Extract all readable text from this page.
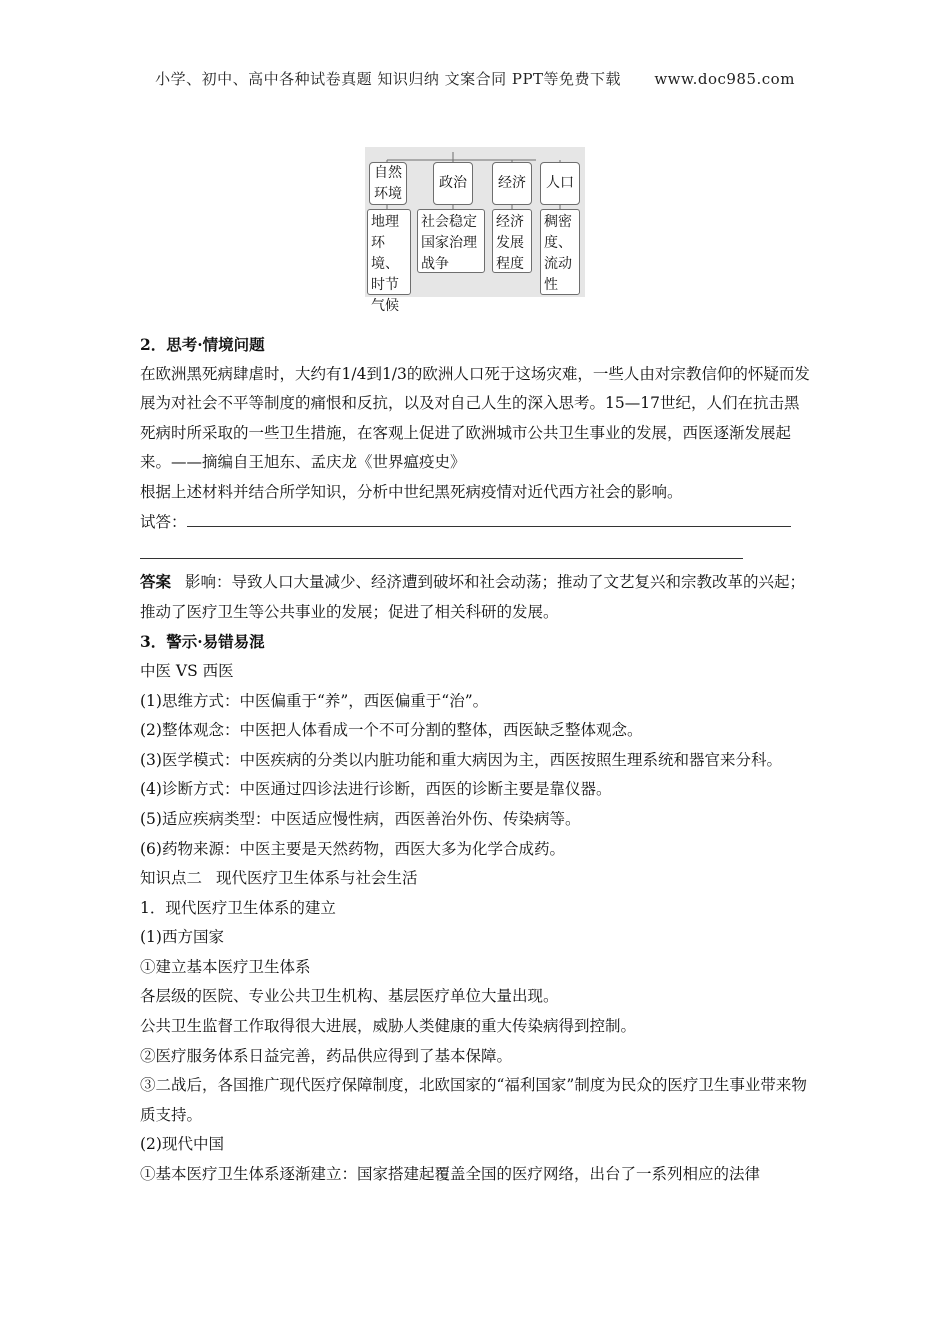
小学、初中、高中各种试卷真题 知识归纳 文案合同 PPT等免费下载 www.doc985.com
自然
环境
政治	经济	人口
地理
环境、
时节
气候
社会稳定
国家治理
战争
经济
发展
程度
稠密
度、
流动
性

2．思考·情境问题

在欧洲黑死病肆虐时，大约有1/4到1/3的欧洲人口死于这场灾难，一些人由对宗教信仰的怀疑而发展为对社会不平等制度的痛恨和反抗，以及对自己人生的深入思考。15—17世纪，人们在抗击黑死病时所采取的一些卫生措施，在客观上促进了欧洲城市公共卫生事业的发展，西医逐渐发展起来。——摘编自王旭东、孟庆龙《世界瘟疫史》

根据上述材料并结合所学知识，分析中世纪黑死病疫情对近代西方社会的影响。

试答：

答案 影响：导致人口大量减少、经济遭到破坏和社会动荡；推动了文艺复兴和宗教改革的兴起；推动了医疗卫生等公共事业的发展；促进了相关科研的发展。

3．警示·易错易混

中医 VS 西医

(1)思维方式：中医偏重于“养”，西医偏重于“治”。

(2)整体观念：中医把人体看成一个不可分割的整体，西医缺乏整体观念。

(3)医学模式：中医疾病的分类以内脏功能和重大病因为主，西医按照生理系统和器官来分科。

(4)诊断方式：中医通过四诊法进行诊断，西医的诊断主要是靠仪器。

(5)适应疾病类型：中医适应慢性病，西医善治外伤、传染病等。

(6)药物来源：中医主要是天然药物，西医大多为化学合成药。

知识点二 现代医疗卫生体系与社会生活

1．现代医疗卫生体系的建立

(1)西方国家

①建立基本医疗卫生体系

各层级的医院、专业公共卫生机构、基层医疗单位大量出现。

公共卫生监督工作取得很大进展，威胁人类健康的重大传染病得到控制。

②医疗服务体系日益完善，药品供应得到了基本保障。

③二战后，各国推广现代医疗保障制度，北欧国家的“福利国家”制度为民众的医疗卫生事业带来物质支持。

(2)现代中国

①基本医疗卫生体系逐渐建立：国家搭建起覆盖全国的医疗网络，出台了一系列相应的法律
